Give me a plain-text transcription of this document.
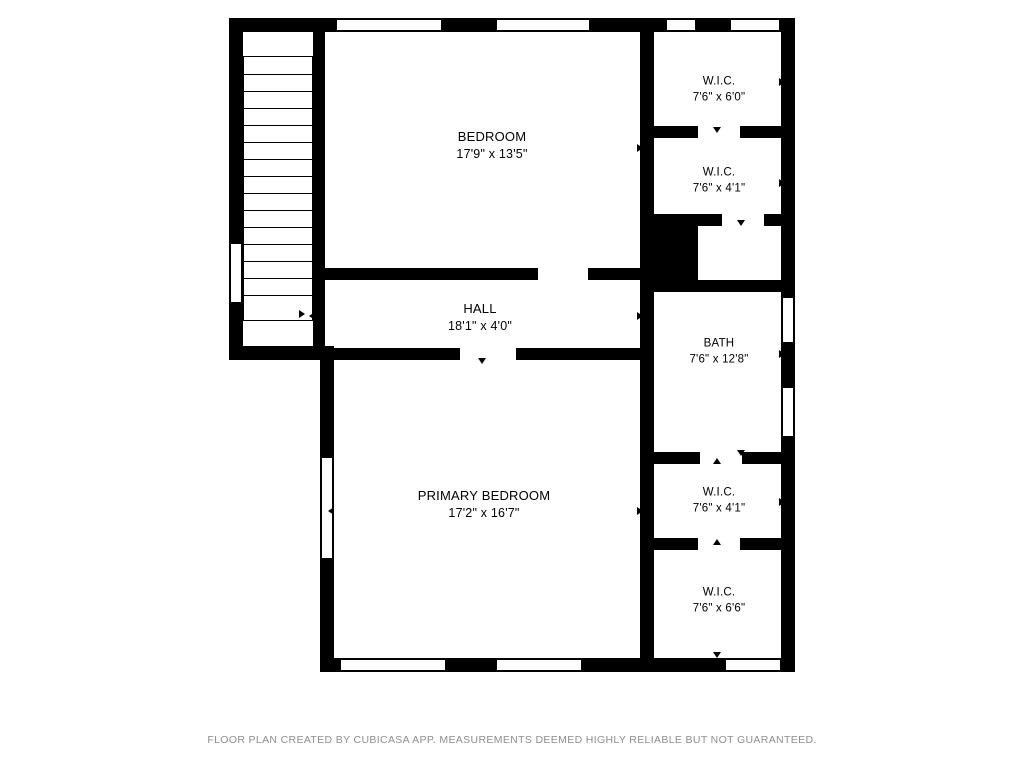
BEDROOM
17'9" x 13'5"
HALL
18'1" x 4'0"
PRIMARY BEDROOM
17'2" x 16'7"
W.I.C.
7'6" x 6'0"
W.I.C.
7'6" x 4'1"
BATH
7'6" x 12'8"
W.I.C.
7'6" x 4'1"
W.I.C.
7'6" x 6'6"
FLOOR PLAN CREATED BY CUBICASA APP. MEASUREMENTS DEEMED HIGHLY RELIABLE BUT NOT GUARANTEED.
